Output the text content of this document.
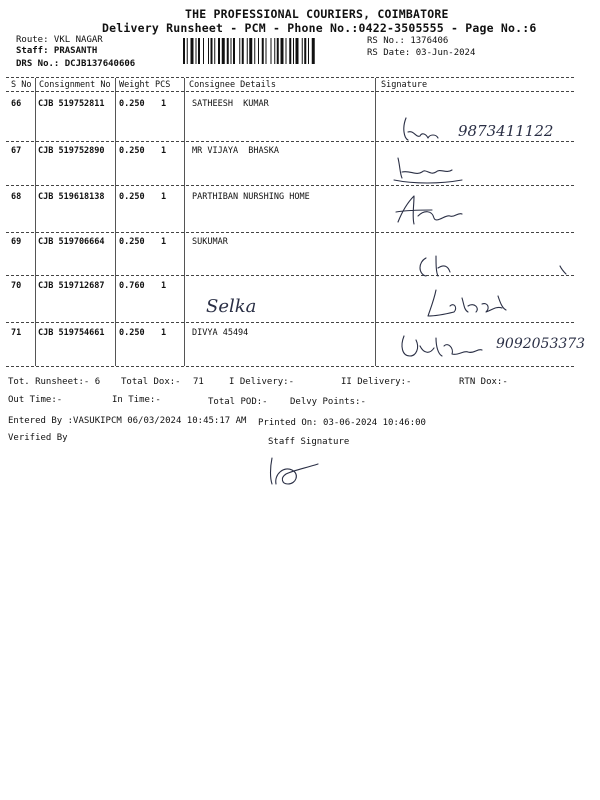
THE PROFESSIONAL COURIERS, COIMBATORE
Delivery Runsheet - PCM - Phone No.:0422-3505555 - Page No.:6
Route: VKL NAGAR
Staff: PRASANTH
DRS No.: DCJB137640606
RS No.: 1376406
RS Date: 03-Jun-2024
S No Consignment No Weight PCS Consignee Details	Signature
66 CJB 519752811 0.250 1	SATHEESH  KUMAR
67 CJB 519752890 0.250 1	MR VIJAYA  BHASKA
68 CJB 519618138 0.250 1	PARTHIBAN NURSHING HOME
69 CJB 519706664 0.250 1	SUKUMAR
70 CJB 519712687 0.760 1
71 CJB 519754661 0.250 1	DIVYA 45494
9873411122
Selka
9092053373
Tot. Runsheet:- 6 Total Dox:- 71	I Delivery:-	II Delivery:-	RTN Dox:-
Out Time:-	In Time:-	Total POD:- Delvy Points:-
Entered By :VASUKIPCM 06/03/2024 10:45:17 AM Printed On: 03-06-2024 10:46:00
Verified By	Staff Signature
